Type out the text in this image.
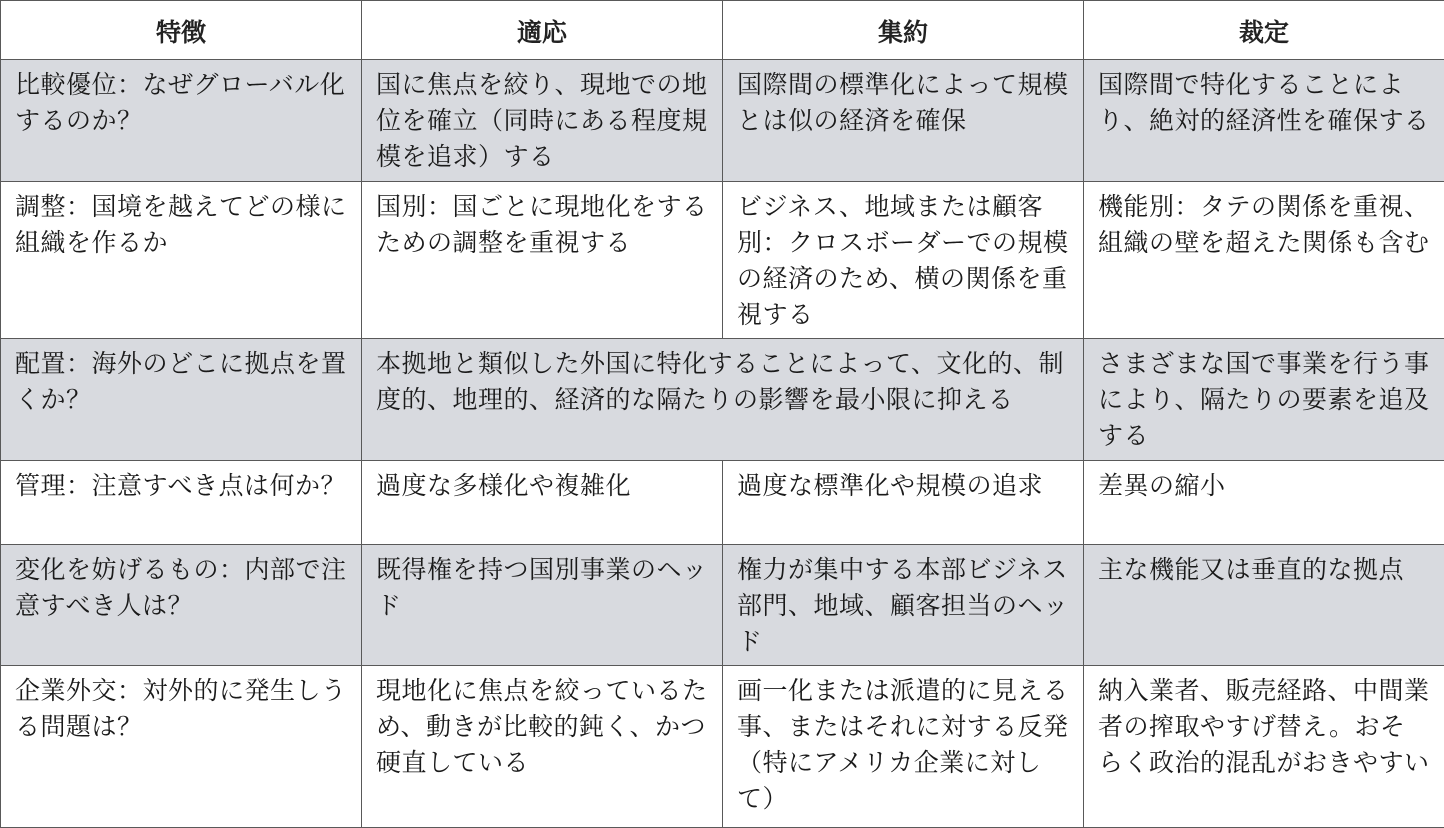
特徴	適応	集約	裁定
比較優位：なぜグローバル化するのか？	国に焦点を絞り、現地での地位を確立（同時にある程度規模を追求）する	国際間の標準化によって規模とは似の経済を確保	国際間で特化することにより、絶対的経済性を確保する
調整：国境を越えてどの様に組織を作るか	国別：国ごとに現地化をするための調整を重視する	ビジネス、地域または顧客別：クロスボーダーでの規模の経済のため、横の関係を重視する	機能別：タテの関係を重視、組織の壁を超えた関係も含む
配置：海外のどこに拠点を置くか？	本拠地と類似した外国に特化することによって、文化的、制度的、地理的、経済的な隔たりの影響を最小限に抑える		さまざまな国で事業を行う事により、隔たりの要素を追及する
管理：注意すべき点は何か？	過度な多様化や複雑化	過度な標準化や規模の追求	差異の縮小
変化を妨げるもの：内部で注意すべき人は？	既得権を持つ国別事業のヘッド	権力が集中する本部ビジネス部門、地域、顧客担当のヘッド	主な機能又は垂直的な拠点
企業外交：対外的に発生しうる問題は？	現地化に焦点を絞っているため、動きが比較的鈍く、かつ硬直している	画一化または派遣的に見える事、またはそれに対する反発（特にアメリカ企業に対して）	納入業者、販売経路、中間業者の搾取やすげ替え。おそらく政治的混乱がおきやすい
